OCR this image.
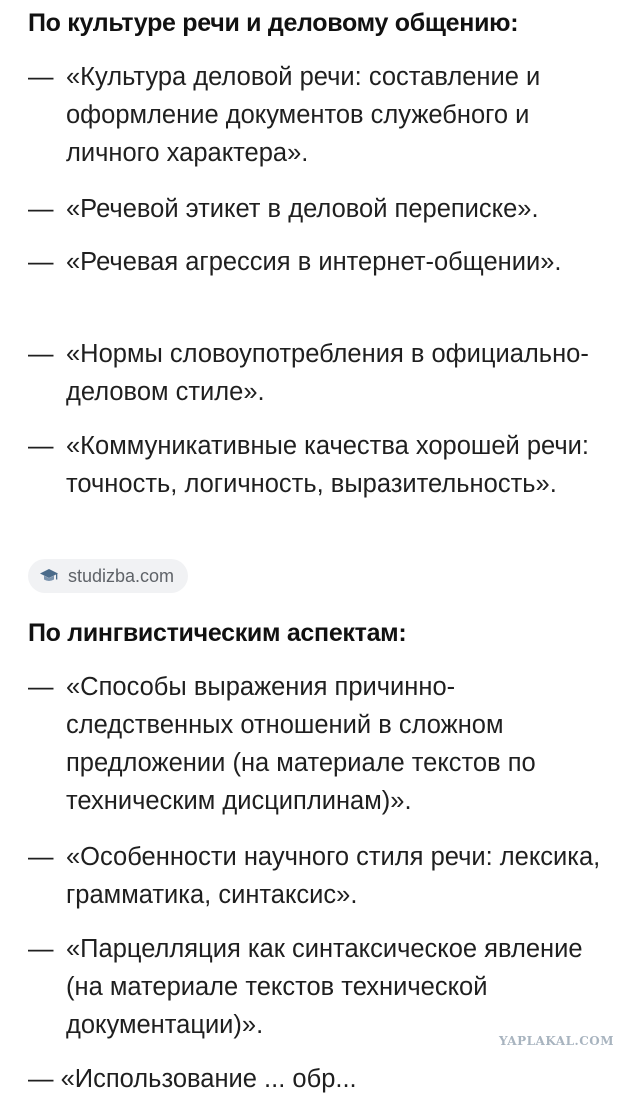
По культуре речи и деловому общению:
— «Культура деловой речи: составление и оформление документов служебного и личного характера».
— «Речевой этикет в деловой переписке».
— «Речевая агрессия в интернет-общении».
— «Нормы словоупотребления в официально-деловом стиле».
— «Коммуникативные качества хорошей речи: точность, логичность, выразительность».
studizba.com
По лингвистическим аспектам:
— «Способы выражения причинно-следственных отношений в сложном предложении (на материале текстов по техническим дисциплинам)».
— «Особенности научного стиля речи: лексика, грамматика, синтаксис».
— «Парцелляция как синтаксическое явление (на материале текстов технической документации)».
— «Использование ... обр...
YAPLAKAL.COM
